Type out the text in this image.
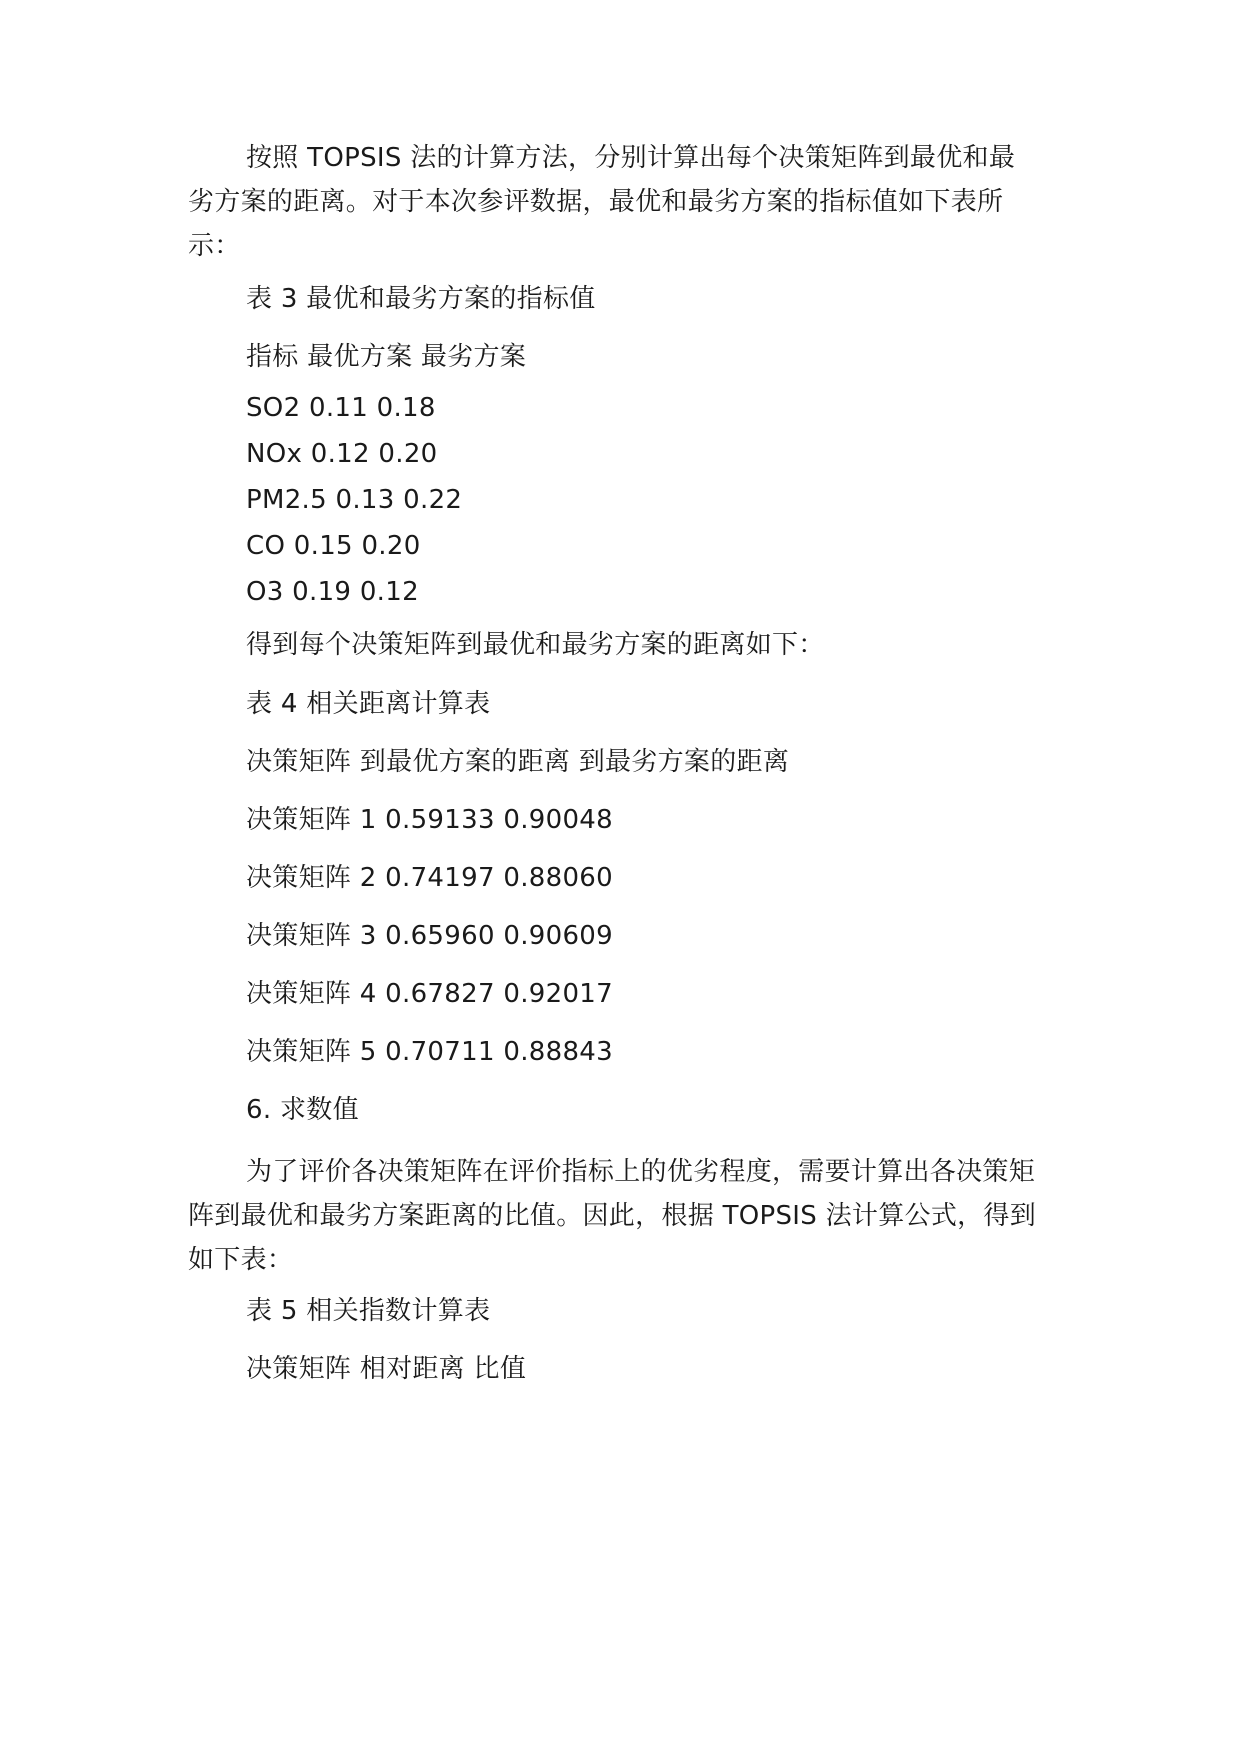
按照 TOPSIS 法的计算方法，分别计算出每个决策矩阵到最优和最劣方案的距离。对于本次参评数据，最优和最劣方案的指标值如下表所示：

表 3 最优和最劣方案的指标值

指标 最优方案 最劣方案

SO2 0.11 0.18

NOx 0.12 0.20

PM2.5 0.13 0.22

CO 0.15 0.20

O3 0.19 0.12

得到每个决策矩阵到最优和最劣方案的距离如下：

表 4 相关距离计算表

决策矩阵 到最优方案的距离 到最劣方案的距离

决策矩阵 1 0.59133 0.90048

决策矩阵 2 0.74197 0.88060

决策矩阵 3 0.65960 0.90609

决策矩阵 4 0.67827 0.92017

决策矩阵 5 0.70711 0.88843

6. 求数值

为了评价各决策矩阵在评价指标上的优劣程度，需要计算出各决策矩阵到最优和最劣方案距离的比值。因此，根据 TOPSIS 法计算公式，得到如下表：

表 5 相关指数计算表

决策矩阵 相对距离 比值
